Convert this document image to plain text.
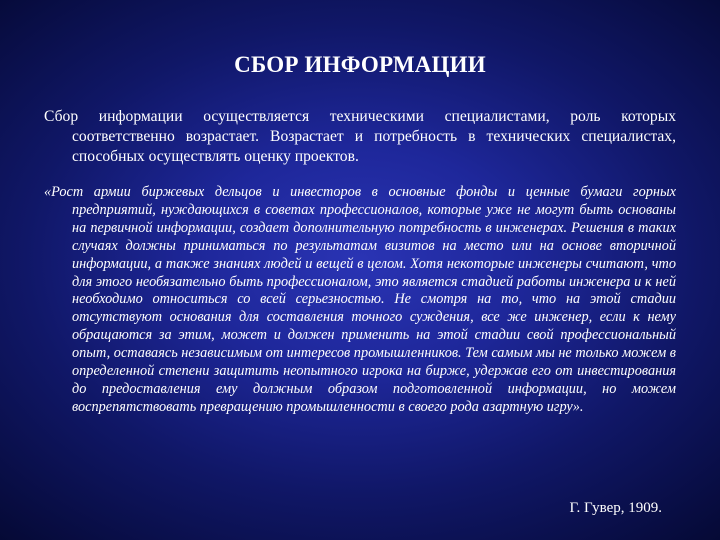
СБОР ИНФОРМАЦИИ
Сбор информации осуществляется техническими специалистами, роль которых соответственно возрастает. Возрастает и потребность в технических специалистах, способных осуществлять оценку проектов.
«Рост армии биржевых дельцов и инвесторов в основные фонды и ценные бумаги горных предприятий, нуждающихся в советах профессионалов, которые уже не могут быть основаны на первичной информации, создает дополнительную потребность в инженерах. Решения в таких случаях должны приниматься по результатам визитов на место или на основе вторичной информации, а также знаниях людей и вещей в целом. Хотя некоторые инженеры считают, что для этого необязательно быть профессионалом, это является стадией работы инженера и к ней необходимо относиться со всей серьезностью. Не смотря на то, что на этой стадии отсутствуют основания для составления точного суждения, все же инженер, если к нему обращаются за этим, может и должен применить на этой стадии свой профессиональный опыт, оставаясь независимым от интересов промышленников. Тем самым мы не только можем в определенной степени защитить неопытного игрока на бирже, удержав его от инвестирования до предоставления ему должным образом подготовленной информации, но можем воспрепятствовать превращению промышленности в своего рода азартную игру».
Г. Гувер, 1909.
